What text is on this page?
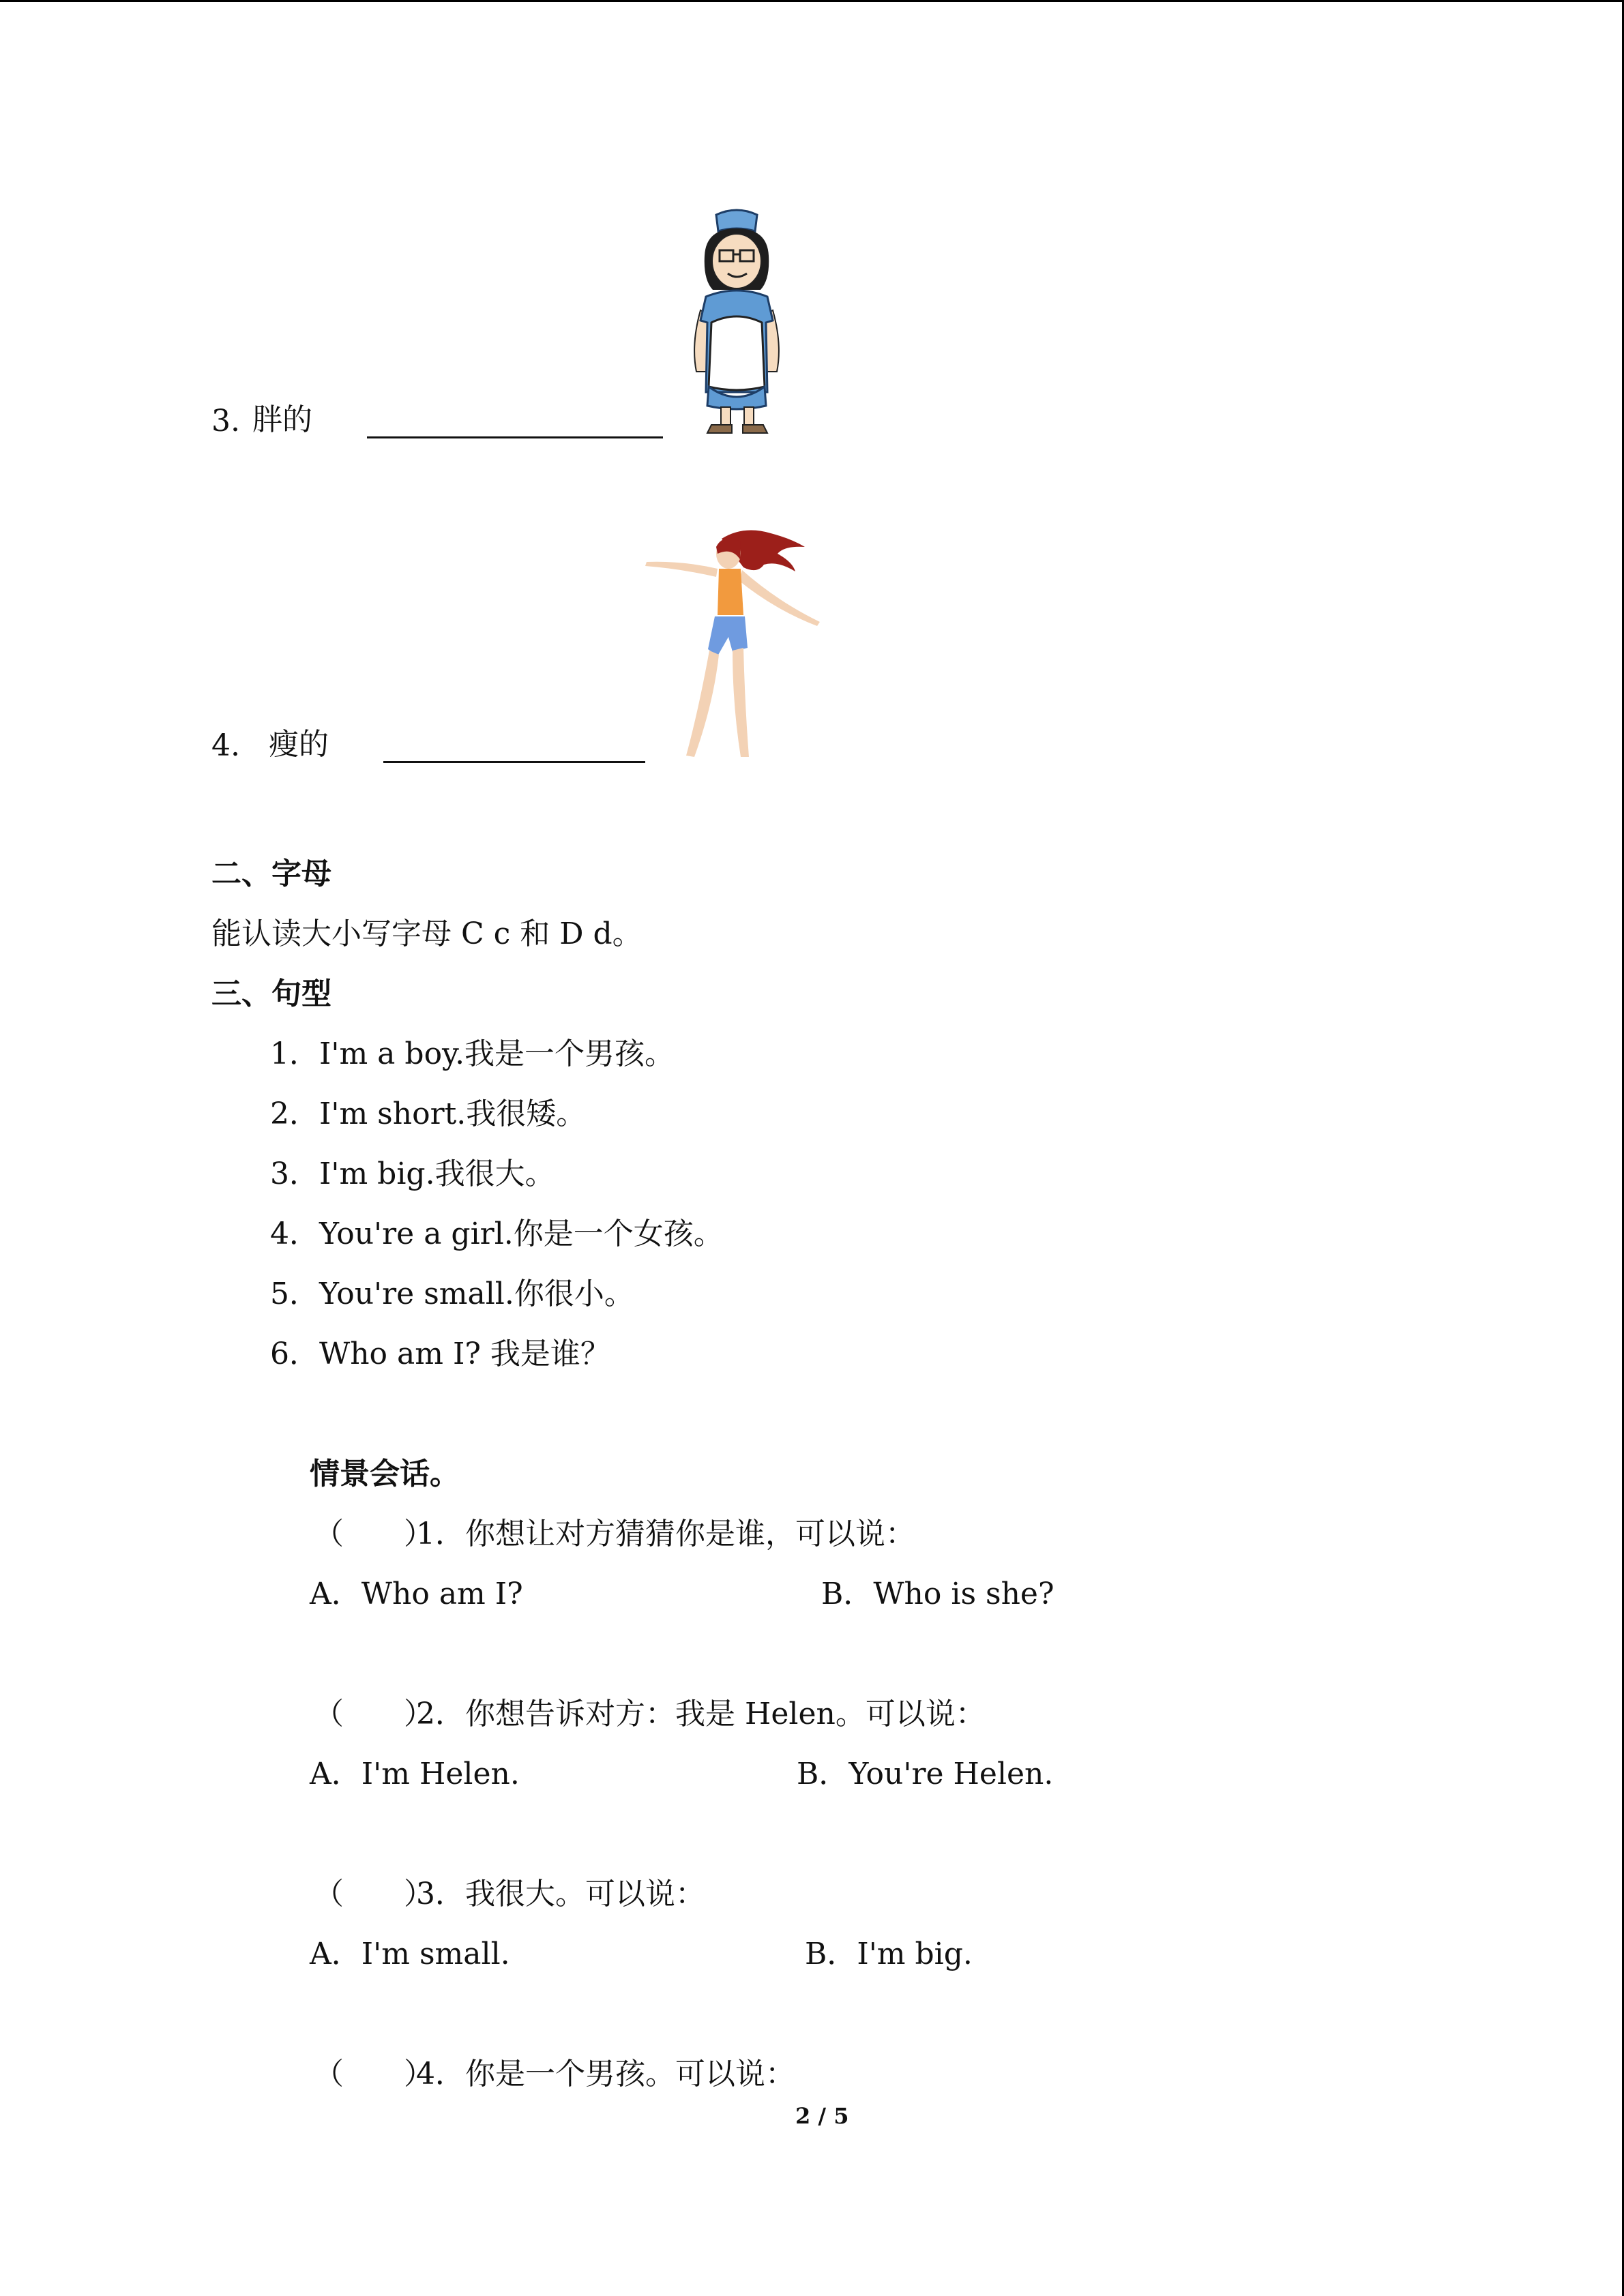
3. 胖的
4. 瘦的
二、字母
能认读大小写字母 C c 和 D d。
三、句型
1．I'm a boy.我是一个男孩。
2．I'm short.我很矮。
3．I'm big.我很大。
4．You're a girl.你是一个女孩。
5．You're small.你很小。
6．Who am I? 我是谁？
情景会话。
（　　）
1．你想让对方猜猜你是谁，可以说：
A．Who am I?	B．Who is she?
（　　）
2．你想告诉对方：我是 Helen。可以说：
A．I'm Helen.	B．You're Helen.
（　　）
3．我很大。可以说：
A．I'm small.	B．I'm big.
（　　）
4．你是一个男孩。可以说：
2 / 5
